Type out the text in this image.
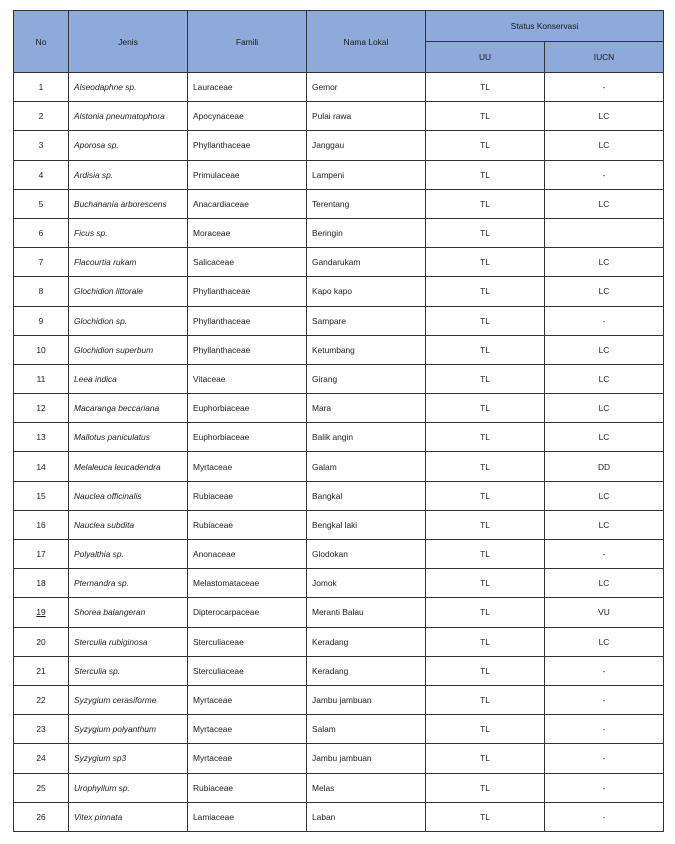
No	Jenis	Famili	Nama Lokal	Status Konservasi	
				UU	IUCN
1	Alseodaphne sp.	Lauraceae	Gemor	TL	-
2	Alstonia pneumatophora	Apocynaceae	Pulai rawa	TL	LC
3	Aporosa sp.	Phyllanthaceae	Janggau	TL	LC
4	Ardisia sp.	Primulaceae	Lampeni	TL	-
5	Buchanania arborescens	Anacardiaceae	Terentang	TL	LC
6	Ficus sp.	Moraceae	Beringin	TL	
7	Flacourtia rukam	Salicaceae	Gandarukam	TL	LC
8	Glochidion littorale	Phyllanthaceae	Kapo kapo	TL	LC
9	Glochidion sp.	Phyllanthaceae	Sampare	TL	-
10	Glochidion superbum	Phyllanthaceae	Ketumbang	TL	LC
11	Leea indica	Vitaceae	Girang	TL	LC
12	Macaranga beccariana	Euphorbiaceae	Mara	TL	LC
13	Mallotus paniculatus	Euphorbiaceae	Balik angin	TL	LC
14	Melaleuca leucadendra	Myrtaceae	Galam	TL	DD
15	Nauclea officinalis	Rubiaceae	Bangkal	TL	LC
16	Nauclea subdita	Rubiaceae	Bengkal laki	TL	LC
17	Polyalthia sp.	Anonaceae	Glodokan	TL	-
18	Pternandra sp.	Melastomataceae	Jomok	TL	LC
19	Shorea balangeran	Dipterocarpaceae	Meranti Balau	TL	VU
20	Sterculia rubiginosa	Sterculiaceae	Keradang	TL	LC
21	Sterculia sp.	Sterculiaceae	Keradang	TL	-
22	Syzygium cerasiforme	Myrtaceae	Jambu jambuan	TL	-
23	Syzygium polyanthum	Myrtaceae	Salam	TL	-
24	Syzygium sp3	Myrtaceae	Jambu jambuan	TL	-
25	Urophyllum sp.	Rubiaceae	Melas	TL	-
26	Vitex pinnata	Lamiaceae	Laban	TL	-
